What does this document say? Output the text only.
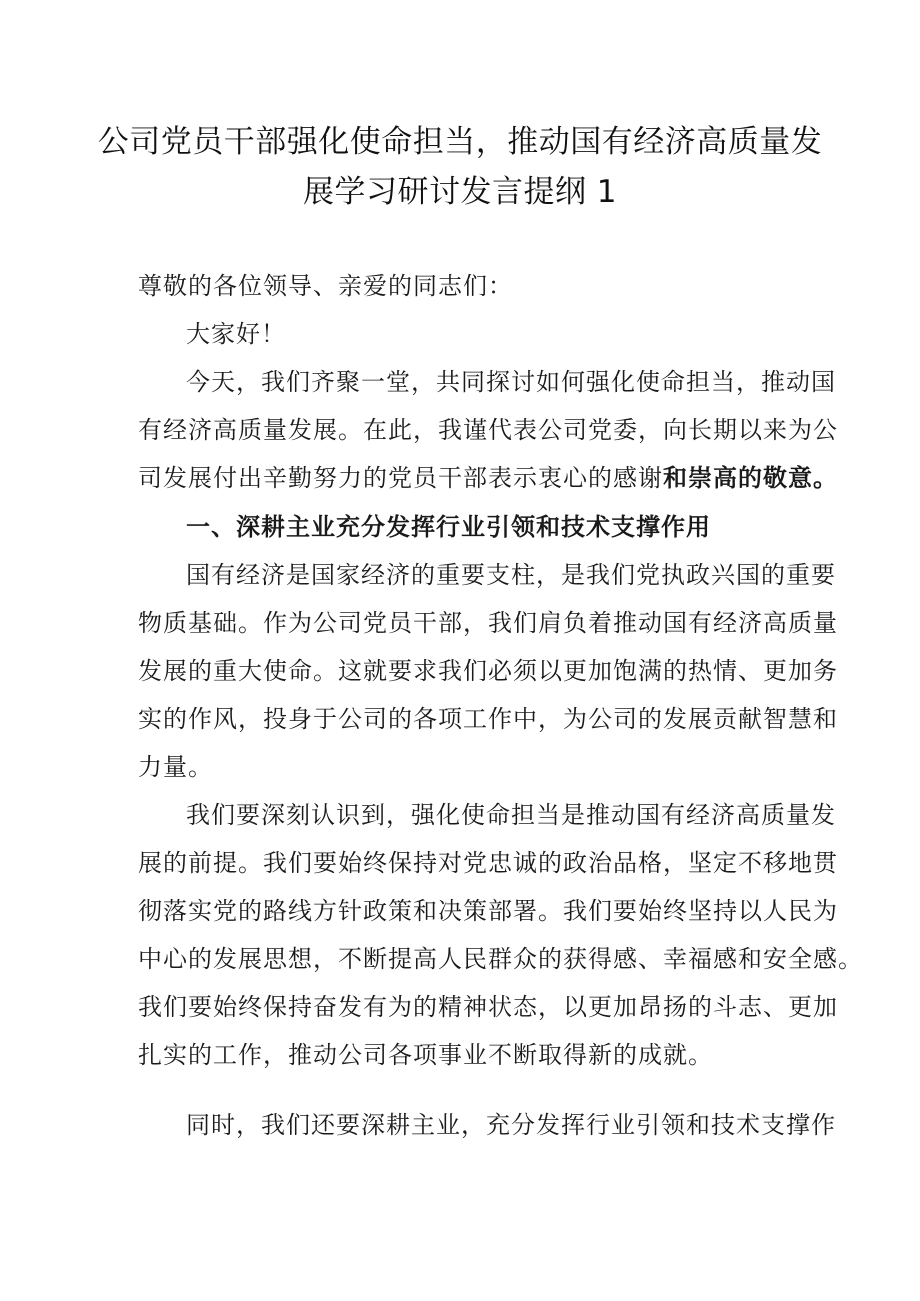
公司党员干部强化使命担当，推动国有经济高质量发
展学习研讨发言提纲 1
尊敬的各位领导、亲爱的同志们：
大家好！
今天，我们齐聚一堂，共同探讨如何强化使命担当，推动国
有经济高质量发展。在此，我谨代表公司党委，向长期以来为公
司发展付出辛勤努力的党员干部表示衷心的感谢和崇高的敬意。
一、深耕主业充分发挥行业引领和技术支撑作用
国有经济是国家经济的重要支柱，是我们党执政兴国的重要
物质基础。作为公司党员干部，我们肩负着推动国有经济高质量
发展的重大使命。这就要求我们必须以更加饱满的热情、更加务
实的作风，投身于公司的各项工作中，为公司的发展贡献智慧和
力量。
我们要深刻认识到，强化使命担当是推动国有经济高质量发
展的前提。我们要始终保持对党忠诚的政治品格，坚定不移地贯
彻落实党的路线方针政策和决策部署。我们要始终坚持以人民为
中心的发展思想，不断提高人民群众的获得感、幸福感和安全感。
我们要始终保持奋发有为的精神状态，以更加昂扬的斗志、更加
扎实的工作，推动公司各项事业不断取得新的成就。
同时，我们还要深耕主业，充分发挥行业引领和技术支撑作
